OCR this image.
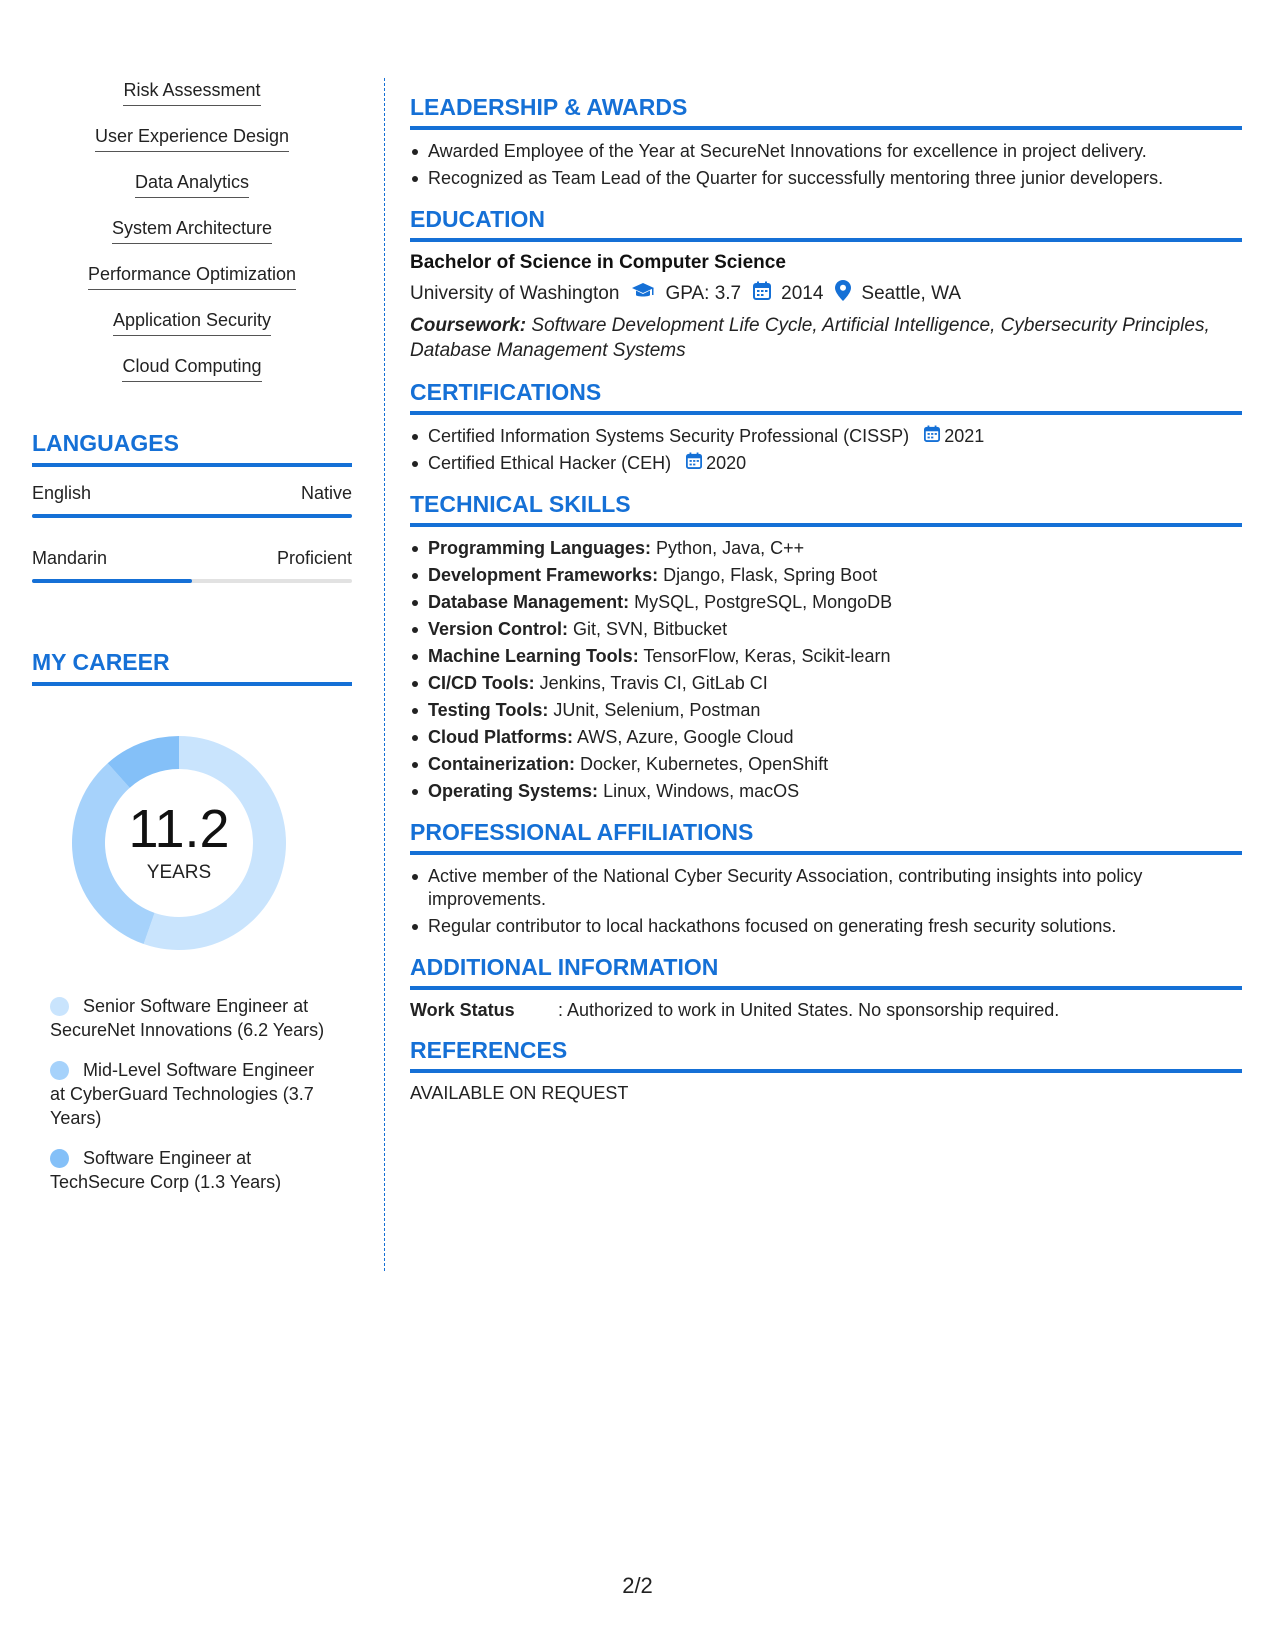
Risk Assessment
User Experience Design
Data Analytics
System Architecture
Performance Optimization
Application Security
Cloud Computing
LANGUAGES
English	Native
Mandarin	Proficient
MY CAREER
11.2
YEARS
Senior Software Engineer at SecureNet Innovations (6.2 Years)
Mid-Level Software Engineer at CyberGuard Technologies (3.7 Years)
Software Engineer at TechSecure Corp (1.3 Years)
LEADERSHIP & AWARDS
Awarded Employee of the Year at SecureNet Innovations for excellence in project delivery.
Recognized as Team Lead of the Quarter for successfully mentoring three junior developers.
EDUCATION
Bachelor of Science in Computer Science
University of Washington GPA: 3.7 2014 Seattle, WA
Coursework: Software Development Life Cycle, Artificial Intelligence, Cybersecurity Principles, Database Management Systems
CERTIFICATIONS
Certified Information Systems Security Professional (CISSP) 2021
Certified Ethical Hacker (CEH) 2020
TECHNICAL SKILLS
Programming Languages: Python, Java, C++
Development Frameworks: Django, Flask, Spring Boot
Database Management: MySQL, PostgreSQL, MongoDB
Version Control: Git, SVN, Bitbucket
Machine Learning Tools: TensorFlow, Keras, Scikit-learn
CI/CD Tools: Jenkins, Travis CI, GitLab CI
Testing Tools: JUnit, Selenium, Postman
Cloud Platforms: AWS, Azure, Google Cloud
Containerization: Docker, Kubernetes, OpenShift
Operating Systems: Linux, Windows, macOS
PROFESSIONAL AFFILIATIONS
Active member of the National Cyber Security Association, contributing insights into policy improvements.
Regular contributor to local hackathons focused on generating fresh security solutions.
ADDITIONAL INFORMATION
Work Status	: Authorized to work in United States. No sponsorship required.
REFERENCES
AVAILABLE ON REQUEST
2/2
